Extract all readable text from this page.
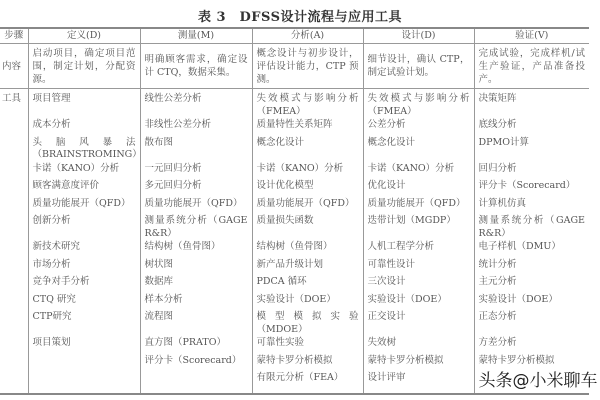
表 3　DFSS设计流程与应用工具
步骤	定义(D)	测量(M)	分析(A)	设计(D)	验证(V)
内容	启动项目，确定项目范围，制定计划，分配资源。	明确顾客需求，确定设计 CTQ，数据采集。	概念设计与初步设计，评估设计能力，CTP 预测。	细节设计，确认 CTP，制定试验计划。	完成试验，完成样机/试生产验证，产品准备投产。
工具	项目管理	线性公差分析	失效模式与影响分析（FMEA）	失效模式与影响分析（FMEA）	决策矩阵
	成本分析	非线性公差分析	质量特性关系矩阵	公差分析	底线分析
	头脑风暴法（BRAINSTROMING）	散布图	概念化设计	概念化设计	DPMO计算
	卡诺（KANO）分析	一元回归分析	卡诺（KANO）分析	卡诺（KANO）分析	回归分析
	顾客满意度评价	多元回归分析	设计优化模型	优化设计	评分卡（Scorecard）
	质量功能展开（QFD）	质量功能展开（QFD）	质量功能展开（QFD）	质量功能展开（QFD）	计算机仿真
	创新分析	测量系统分析（GAGE R&R）	质量损失函数	迭带计划（MGDP）	测量系统分析（GAGE R&R）
	新技术研究	结构树（鱼骨图）	结构树（鱼骨图）	人机工程学分析	电子样机（DMU）
	市场分析	树状图	新产品升级计划	可靠性设计	统计分析
	竞争对手分析	数据库	PDCA 循环	三次设计	主元分析
	CTQ 研究	样本分析	实验设计（DOE）	实验设计（DOE）	实验设计（DOE）
	CTP研究	流程图	模型模拟实验（MDOE）	正交设计	正态分析
	项目策划	直方图（PRATO）	可靠性实验	失效树	方差分析
		评分卡（Scorecard）	蒙特卡罗分析模拟	蒙特卡罗分析模拟	蒙特卡罗分析模拟
			有限元分析（FEA）	设计评审	头条@小米聊车
